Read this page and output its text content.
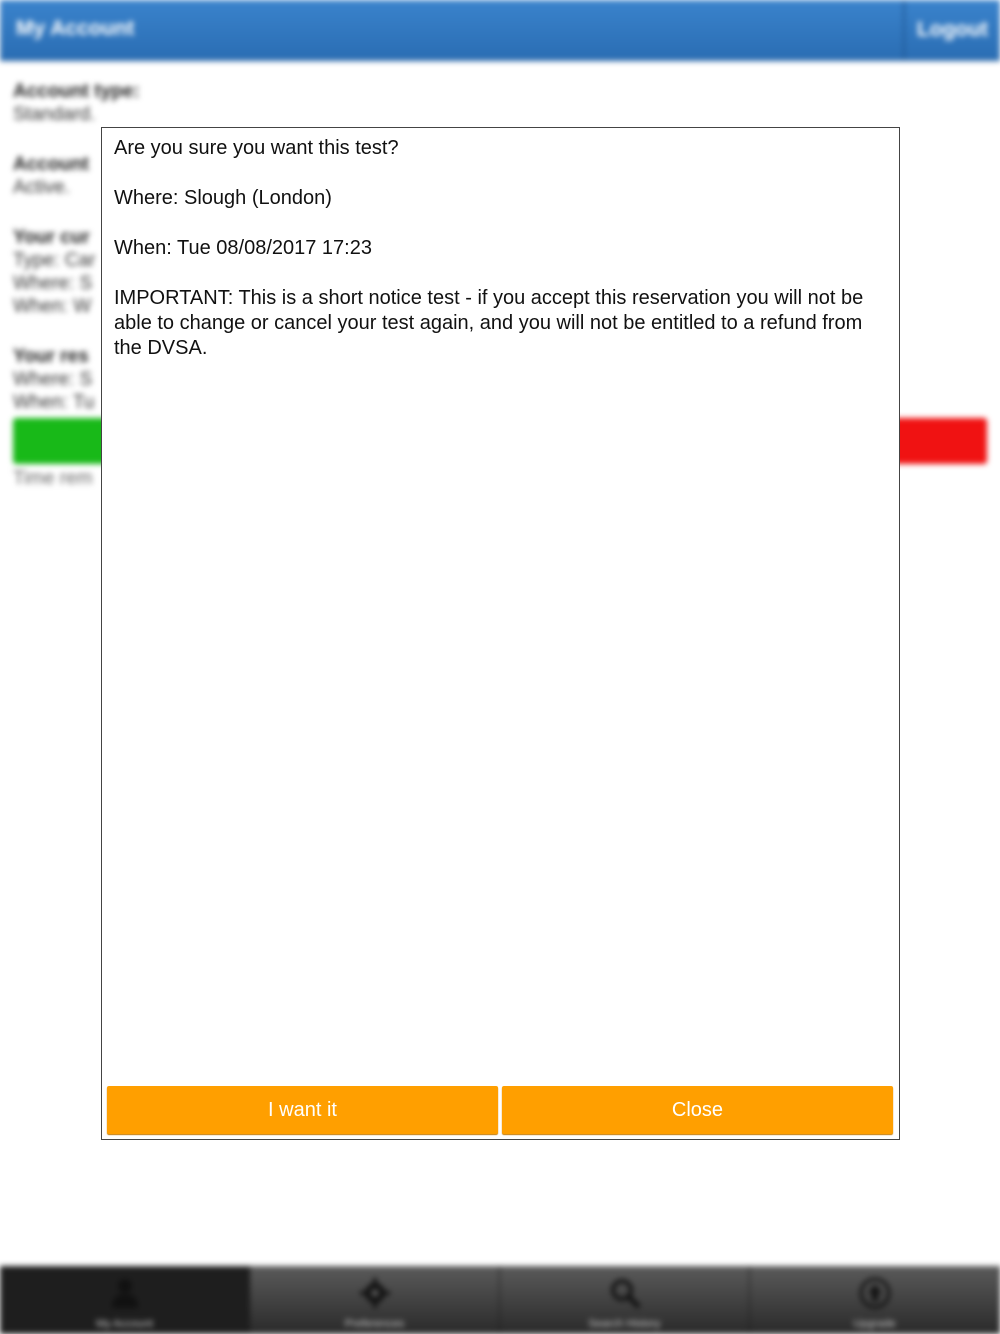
My Account	Logout
Account type:
Standard.
Account
Active.
Your cur
Type: Car
Where: S
When: W
Your res
Where: S
When: Tu
Time rem
My Account	Preferences	Search History	Upgrade

Are you sure you want this test?

Where: Slough (London)

When: Tue 08/08/2017 17:23

IMPORTANT: This is a short notice test - if you accept this reservation you will not be able to change or cancel your test again, and you will not be entitled to a refund from the DVSA.

I want it	Close
